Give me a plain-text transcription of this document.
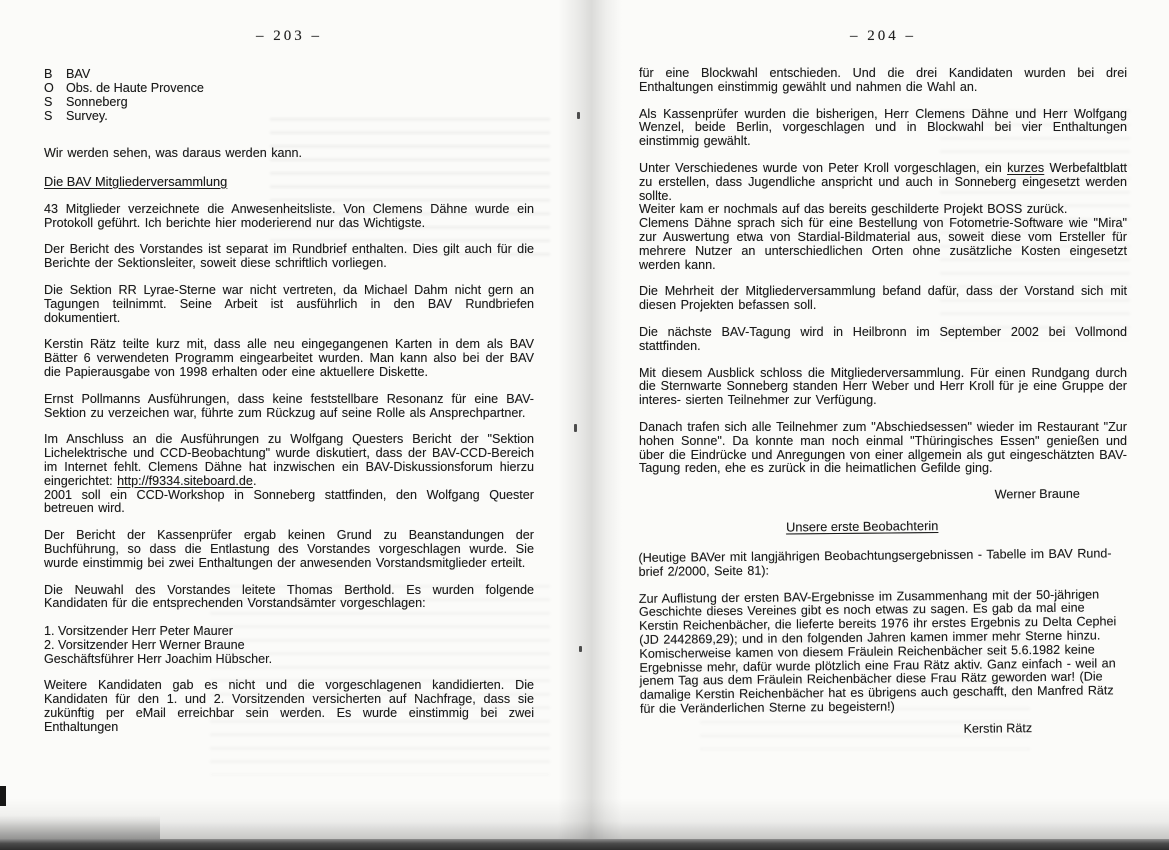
– 203 –
B	BAV
O Obs. de Haute Provence
S	Sonneberg
S	Survey.

Wir werden sehen, was daraus werden kann.

Die BAV Mitgliederversammlung

43 Mitglieder verzeichnete die Anwesenheitsliste. Von Clemens Dähne wurde ein Protokoll geführt. Ich berichte hier moderierend nur das Wichtigste.

Der Bericht des Vorstandes ist separat im Rundbrief enthalten. Dies gilt auch für die Berichte der Sektionsleiter, soweit diese schriftlich vorliegen.

Die Sektion RR Lyrae-Sterne war nicht vertreten, da Michael Dahm nicht gern an Tagungen teilnimmt. Seine Arbeit ist ausführlich in den BAV Rundbriefen dokumentiert.

Kerstin Rätz teilte kurz mit, dass alle neu eingegangenen Karten in dem als BAV Bätter 6 verwendeten Programm eingearbeitet wurden. Man kann also bei der BAV die Papierausgabe von 1998 erhalten oder eine aktuellere Diskette.

Ernst Pollmanns Ausführungen, dass keine feststellbare Resonanz für eine BAV-Sektion zu verzeichen war, führte zum Rückzug auf seine Rolle als Ansprechpartner.

Im Anschluss an die Ausführungen zu Wolfgang Questers Bericht der "Sektion Lichelektrische und CCD-Beobachtung" wurde diskutiert, dass der BAV-CCD-Bereich im Internet fehlt. Clemens Dähne hat inzwischen ein BAV-Diskussionsforum hierzu eingerichtet: http://f9334.siteboard.de.

2001 soll ein CCD-Workshop in Sonneberg stattfinden, den Wolfgang Quester betreuen wird.

Der Bericht der Kassenprüfer ergab keinen Grund zu Beanstandungen der Buchführung, so dass die Entlastung des Vorstandes vorgeschlagen wurde. Sie wurde einstimmig bei zwei Enthaltungen der anwesenden Vorstandsmitglieder erteilt.

Die Neuwahl des Vorstandes leitete Thomas Berthold. Es wurden folgende Kandidaten für die entsprechenden Vorstandsämter vorgeschlagen:

1. Vorsitzender Herr Peter Maurer
2. Vorsitzender Herr Werner Braune
Geschäftsführer Herr Joachim Hübscher.

Weitere Kandidaten gab es nicht und die vorgeschlagenen kandidierten. Die Kandidaten für den 1. und 2. Vorsitzenden versicherten auf Nachfrage, dass sie zukünftig per eMail erreichbar sein werden. Es wurde einstimmig bei zwei Enthaltungen

– 204 –

für eine Blockwahl entschieden. Und die drei Kandidaten wurden bei drei Enthaltungen einstimmig gewählt und nahmen die Wahl an.

Als Kassenprüfer wurden die bisherigen, Herr Clemens Dähne und Herr Wolfgang Wenzel, beide Berlin, vorgeschlagen und in Blockwahl bei vier Enthaltungen einstimmig gewählt.

Unter Verschiedenes wurde von Peter Kroll vorgeschlagen, ein kurzes Werbefaltblatt zu erstellen, dass Jugendliche anspricht und auch in Sonneberg eingesetzt werden sollte.

Weiter kam er nochmals auf das bereits geschilderte Projekt BOSS zurück.

Clemens Dähne sprach sich für eine Bestellung von Fotometrie-Software wie "Mira" zur Auswertung etwa von Stardial-Bildmaterial aus, soweit diese vom Ersteller für mehrere Nutzer an unterschiedlichen Orten ohne zusätzliche Kosten eingesetzt werden kann.

Die Mehrheit der Mitgliederversammlung befand dafür, dass der Vorstand sich mit diesen Projekten befassen soll.

Die nächste BAV-Tagung wird in Heilbronn im September 2002 bei Vollmond stattfinden.

Mit diesem Ausblick schloss die Mitgliederversammlung. Für einen Rundgang durch die Sternwarte Sonneberg standen Herr Weber und Herr Kroll für je eine Gruppe der interes- sierten Teilnehmer zur Verfügung.

Danach trafen sich alle Teilnehmer zum "Abschiedsessen" wieder im Restaurant "Zur hohen Sonne". Da konnte man noch einmal "Thüringisches Essen" genießen und über die Eindrücke und Anregungen von einer allgemein als gut eingeschätzten BAV-Tagung reden, ehe es zurück in die heimatlichen Gefilde ging.

Werner Braune
Unsere erste Beobachterin

(Heutige BAVer mit langjährigen Beobachtungsergebnissen - Tabelle im BAV Rund- brief 2/2000, Seite 81):

Zur Auflistung der ersten BAV-Ergebnisse im Zusammenhang mit der 50-jährigen Geschichte dieses Vereines gibt es noch etwas zu sagen. Es gab da mal eine Kerstin Reichenbächer, die lieferte bereits 1976 ihr erstes Ergebnis zu Delta Cephei (JD 2442869,29); und in den folgenden Jahren kamen immer mehr Sterne hinzu. Komischerweise kamen von diesem Fräulein Reichenbächer seit 5.6.1982 keine Ergebnisse mehr, dafür wurde plötzlich eine Frau Rätz aktiv. Ganz einfach - weil an jenem Tag aus dem Fräulein Reichenbächer diese Frau Rätz geworden war! (Die damalige Kerstin Reichenbächer hat es übrigens auch geschafft, den Manfred Rätz für die Veränderlichen Sterne zu begeistern!)

Kerstin Rätz
